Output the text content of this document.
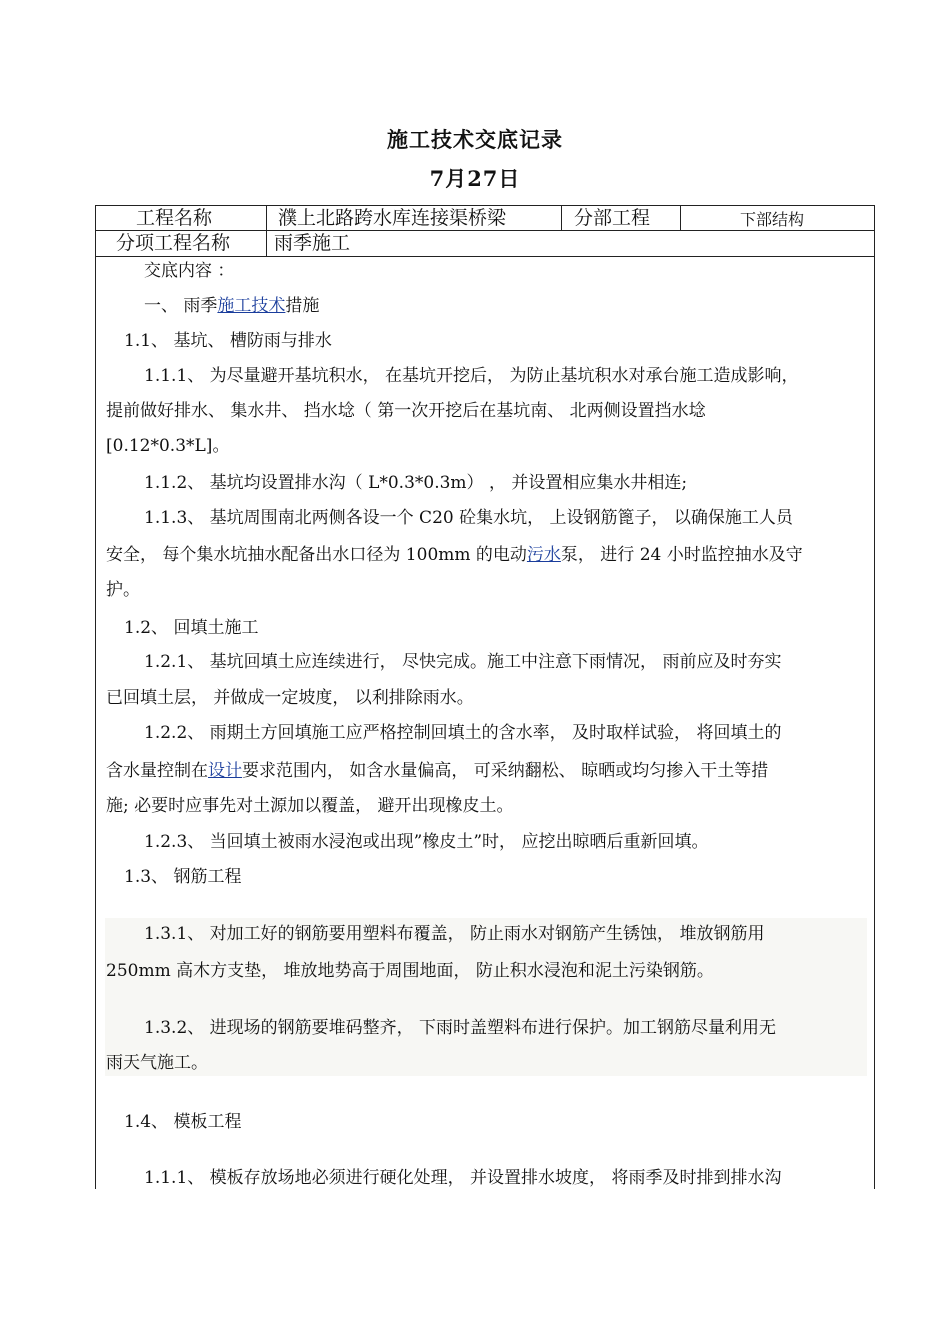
施工技术交底记录
7月27日
工程名称	濮上北路跨水库连接渠桥梁	分部工程	下部结构
分项工程名称 雨季施工
交底内容 ：
一、 雨季施工技术措施
1.1、 基坑、 槽防雨与排水
1.1.1、 为尽量避开基坑积水， 在基坑开挖后， 为防止基坑积水对承台施工造成影响，
提前做好排水、 集水井、 挡水埝（ 第一次开挖后在基坑南、 北两侧设置挡水埝
[0.12*0.3*L]。
1.1.2、 基坑均设置排水沟（ L*0.3*0.3m） ， 并设置相应集水井相连;
1.1.3、 基坑周围南北两侧各设一个 C20 砼集水坑， 上设钢筋篦子， 以确保施工人员
安全， 每个集水坑抽水配备出水口径为 100mm 的电动污水泵， 进行 24 小时监控抽水及守
护。
1.2、 回填土施工
1.2.1、 基坑回填土应连续进行， 尽快完成。施工中注意下雨情况， 雨前应及时夯实
已回填土层， 并做成一定坡度， 以利排除雨水。
1.2.2、 雨期土方回填施工应严格控制回填土的含水率， 及时取样试验， 将回填土的
含水量控制在设计要求范围内， 如含水量偏高， 可采纳翻松、 晾晒或均匀掺入干土等措
施; 必要时应事先对土源加以覆盖， 避开出现橡皮土。
1.2.3、 当回填土被雨水浸泡或出现”橡皮土”时， 应挖出晾晒后重新回填。
1.3、 钢筋工程
1.3.1、 对加工好的钢筋要用塑料布覆盖， 防止雨水对钢筋产生锈蚀， 堆放钢筋用
250mm 高木方支垫， 堆放地势高于周围地面， 防止积水浸泡和泥土污染钢筋。
1.3.2、 进现场的钢筋要堆码整齐， 下雨时盖塑料布进行保护。加工钢筋尽量利用无
雨天气施工。
1.4、 模板工程
1.1.1、 模板存放场地必须进行硬化处理， 并设置排水坡度， 将雨季及时排到排水沟
